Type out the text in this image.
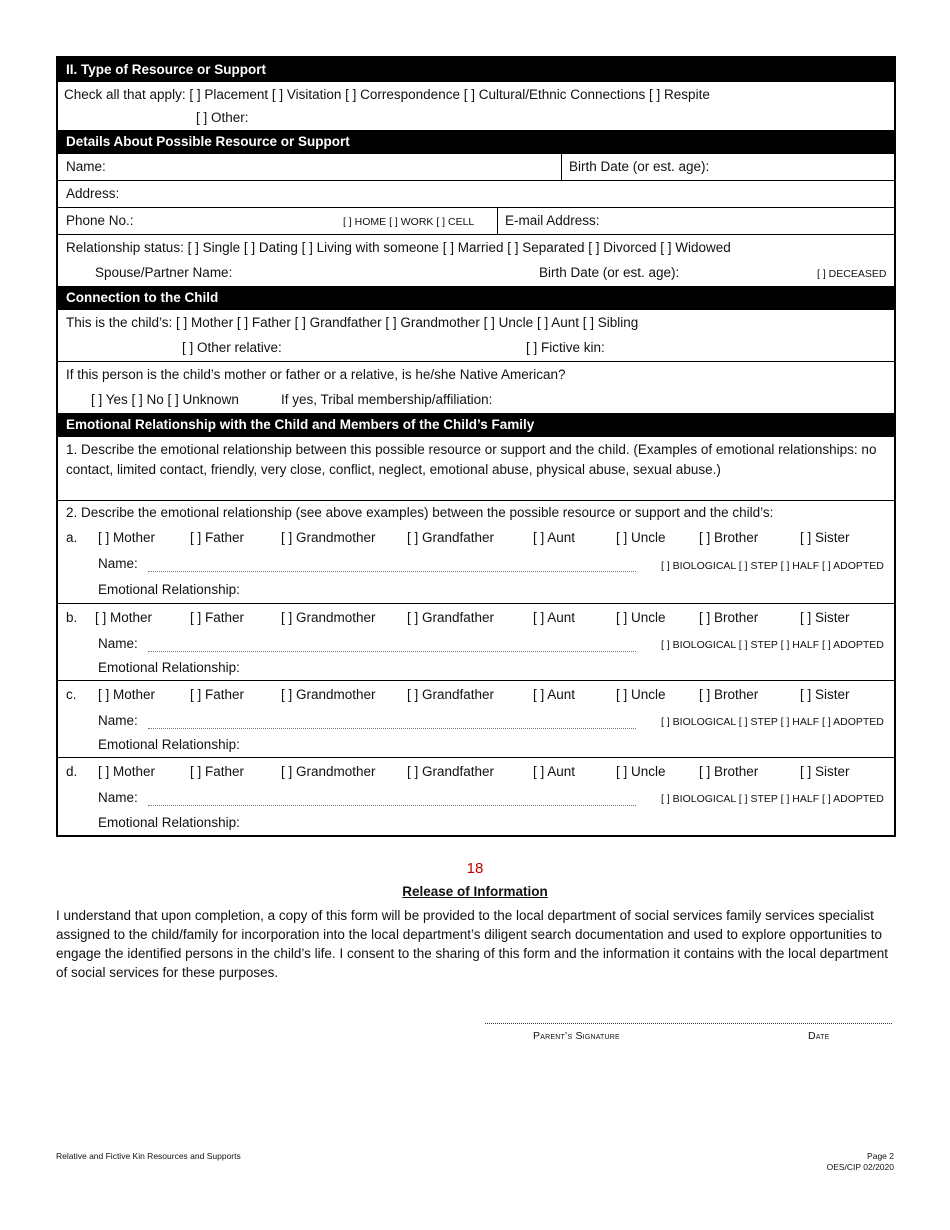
II. Type of Resource or Support
Check all that apply: [ ] Placement [ ] Visitation [ ] Correspondence [ ] Cultural/Ethnic Connections [ ] Respite
[ ] Other:
Details About Possible Resource or Support
Name:	Birth Date (or est. age):
Address:
Phone No.:	[ ] HOME [ ] WORK [ ] CELL E-mail Address:
Relationship status: [ ] Single [ ] Dating [ ] Living with someone [ ] Married [ ] Separated [ ] Divorced [ ] Widowed
Spouse/Partner Name:	Birth Date (or est. age):	[ ] DECEASED
Connection to the Child
This is the child’s: [ ] Mother [ ] Father [ ] Grandfather [ ] Grandmother [ ] Uncle [ ] Aunt [ ] Sibling
[ ] Other relative:	[ ] Fictive kin:
If this person is the child’s mother or father or a relative, is he/she Native American?
[ ] Yes [ ] No [ ] Unknown	If yes, Tribal membership/affiliation:
Emotional Relationship with the Child and Members of the Child’s Family
1. Describe the emotional relationship between this possible resource or support and the child. (Examples of emotional relationships: no contact, limited contact, friendly, very close, conflict, neglect, emotional abuse, physical abuse, sexual abuse.)
2. Describe the emotional relationship (see above examples) between the possible resource or support and the child’s:
a. [ ] Mother	[ ] Father	[ ] Grandmother [ ] Grandfather	[ ] Aunt	[ ] Uncle [ ] Brother	[ ] Sister
Name:	[ ] BIOLOGICAL [ ] STEP [ ] HALF [ ] ADOPTED
Emotional Relationship:
b. [ ] Mother	[ ] Father	[ ] Grandmother [ ] Grandfather	[ ] Aunt	[ ] Uncle [ ] Brother	[ ] Sister
Name:	[ ] BIOLOGICAL [ ] STEP [ ] HALF [ ] ADOPTED
Emotional Relationship:
c. [ ] Mother	[ ] Father	[ ] Grandmother [ ] Grandfather	[ ] Aunt	[ ] Uncle [ ] Brother	[ ] Sister
Name:	[ ] BIOLOGICAL [ ] STEP [ ] HALF [ ] ADOPTED
Emotional Relationship:
d. [ ] Mother	[ ] Father	[ ] Grandmother [ ] Grandfather	[ ] Aunt	[ ] Uncle [ ] Brother	[ ] Sister
Name:	[ ] BIOLOGICAL [ ] STEP [ ] HALF [ ] ADOPTED
Emotional Relationship:
18
Release of Information
I understand that upon completion, a copy of this form will be provided to the local department of social services family services specialist assigned to the child/family for incorporation into the local department’s diligent search documentation and used to explore opportunities to engage the identified persons in the child’s life. I consent to the sharing of this form and the information it contains with the local department of social services for these purposes.
Parent’s Signature	Date
Relative and Fictive Kin Resources and Supports	Page 2
OES/CIP 02/2020
